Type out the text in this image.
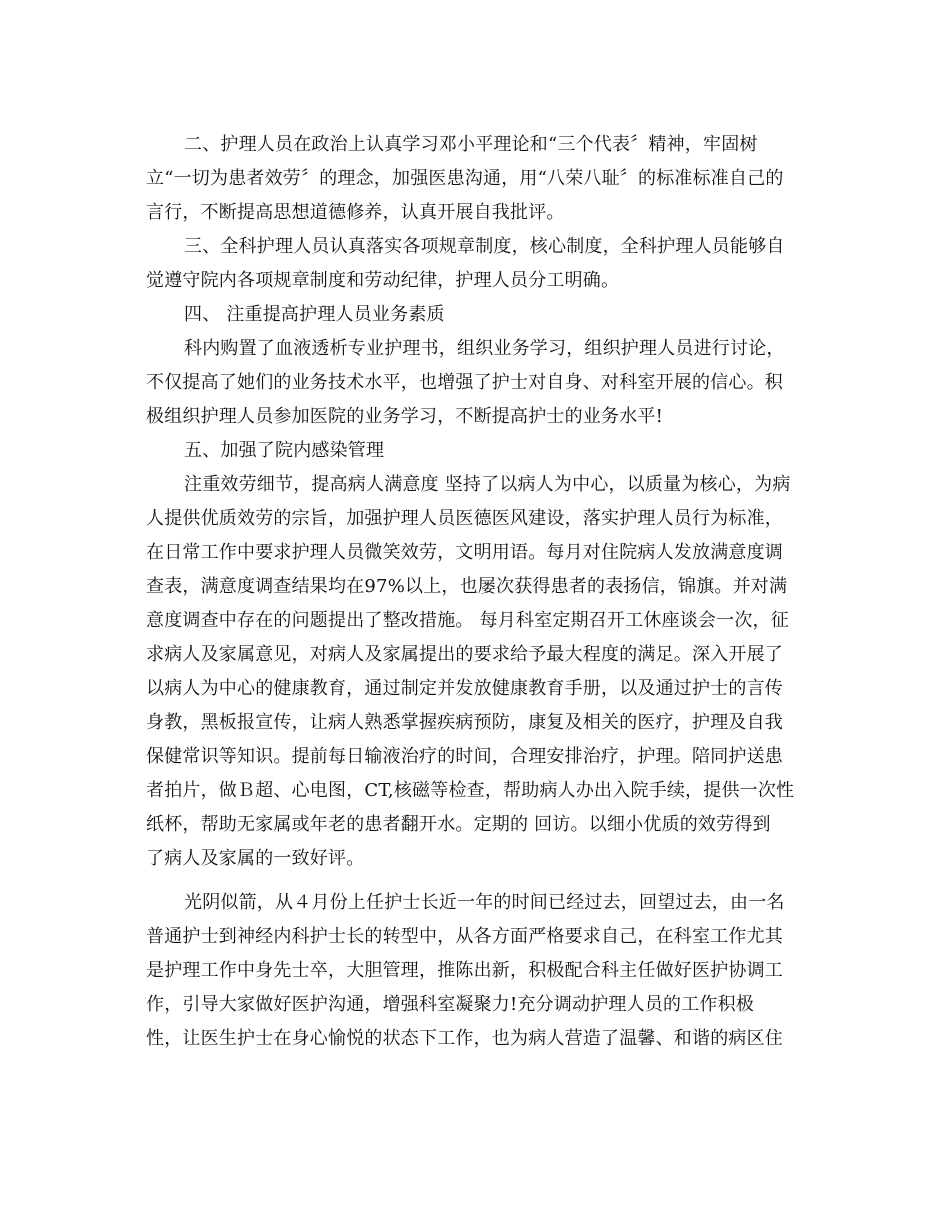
二、护理人员在政治上认真学习邓小平理论和“三个代表〞精神，牢固树
立“一切为患者效劳〞的理念，加强医患沟通，用“八荣八耻〞的标准标准自己的
言行，不断提高思想道德修养，认真开展自我批评。
三、全科护理人员认真落实各项规章制度，核心制度，全科护理人员能够自
觉遵守院内各项规章制度和劳动纪律，护理人员分工明确。
四、 注重提高护理人员业务素质
科内购置了血液透析专业护理书，组织业务学习，组织护理人员进行讨论，
不仅提高了她们的业务技术水平，也增强了护士对自身、对科室开展的信心。积
极组织护理人员参加医院的业务学习，不断提高护士的业务水平!
五、加强了院内感染管理
注重效劳细节，提高病人满意度 坚持了以病人为中心，以质量为核心，为病
人提供优质效劳的宗旨，加强护理人员医德医风建设，落实护理人员行为标准，
在日常工作中要求护理人员微笑效劳，文明用语。每月对住院病人发放满意度调
查表，满意度调查结果均在97%以上，也屡次获得患者的表扬信，锦旗。并对满
意度调查中存在的问题提出了整改措施。 每月科室定期召开工休座谈会一次，征
求病人及家属意见，对病人及家属提出的要求给予最大程度的满足。深入开展了
以病人为中心的健康教育，通过制定并发放健康教育手册，以及通过护士的言传
身教，黑板报宣传，让病人熟悉掌握疾病预防，康复及相关的医疗，护理及自我
保健常识等知识。提前每日输液治疗的时间，合理安排治疗，护理。陪同护送患
者拍片，做Ｂ超、心电图，CT,核磁等检查，帮助病人办出入院手续，提供一次性
纸杯，帮助无家属或年老的患者翻开水。定期的 回访。以细小优质的效劳得到
了病人及家属的一致好评。
光阴似箭，从４月份上任护士长近一年的时间已经过去，回望过去，由一名
普通护士到神经内科护士长的转型中，从各方面严格要求自己，在科室工作尤其
是护理工作中身先士卒，大胆管理，推陈出新，积极配合科主任做好医护协调工
作，引导大家做好医护沟通，增强科室凝聚力!充分调动护理人员的工作积极
性，让医生护士在身心愉悦的状态下工作，也为病人营造了温馨、和谐的病区住
